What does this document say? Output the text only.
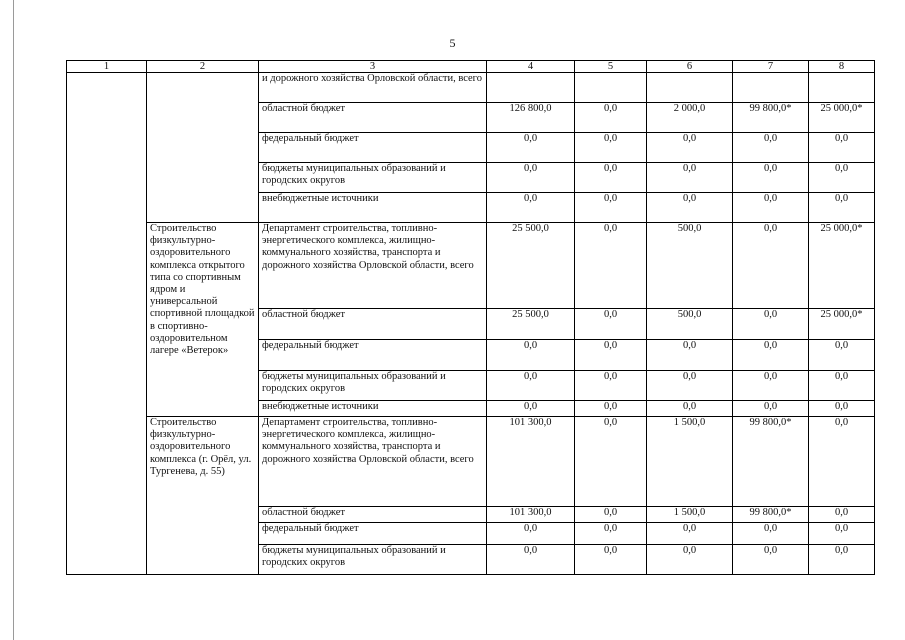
5
1	2	3	4	5	6	7	8
		и дорожного хозяйства Орловской области, всего					
		областной бюджет	126 800,0	0,0	2 000,0	99 800,0*	25 000,0*
		федеральный бюджет	0,0	0,0	0,0	0,0	0,0
		бюджеты муниципальных образований и городских округов	0,0	0,0	0,0	0,0	0,0
		внебюджетные источники	0,0	0,0	0,0	0,0	0,0
	Строительство физкультурно-оздоровительного комплекса открытого типа со спортивным ядром и универсальной спортивной площадкой в спортивно-оздоровительном лагере «Ветерок»	Департамент строительства, топливно-энергетического комплекса, жилищно-коммунального хозяйства, транспорта и дорожного хозяйства Орловской области, всего	25 500,0	0,0	500,0	0,0	25 000,0*
		областной бюджет	25 500,0	0,0	500,0	0,0	25 000,0*
		федеральный бюджет	0,0	0,0	0,0	0,0	0,0
		бюджеты муниципальных образований и городских округов	0,0	0,0	0,0	0,0	0,0
		внебюджетные источники	0,0	0,0	0,0	0,0	0,0
	Строительство физкультурно-оздоровительного комплекса (г. Орёл, ул. Тургенева, д. 55)	Департамент строительства, топливно-энергетического комплекса, жилищно-коммунального хозяйства, транспорта и дорожного хозяйства Орловской области, всего	101 300,0	0,0	1 500,0	99 800,0*	0,0
		областной бюджет	101 300,0	0,0	1 500,0	99 800,0*	0,0
		федеральный бюджет	0,0	0,0	0,0	0,0	0,0
		бюджеты муниципальных образований и городских округов	0,0	0,0	0,0	0,0	0,0
